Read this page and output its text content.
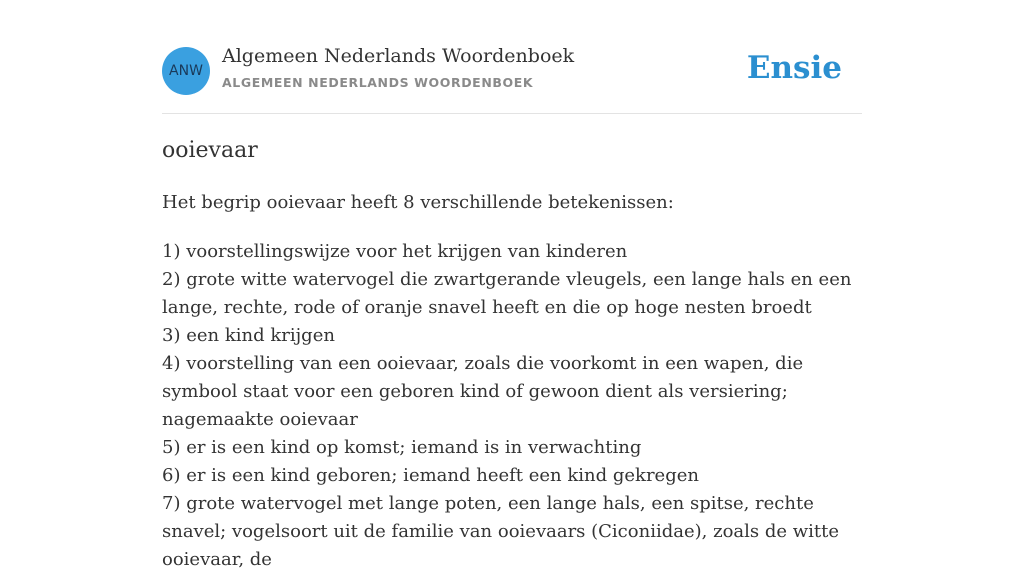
ANW
Algemeen Nederlands Woordenboek
ALGEMEEN NEDERLANDS WOORDENBOEK	Ensie
ooievaar

Het begrip ooievaar heeft 8 verschillende betekenissen:

1) voorstellingswijze voor het krijgen van kinderen
2) grote witte watervogel die zwartgerande vleugels, een lange hals en een lange, rechte, rode of oranje snavel heeft en die op hoge nesten broedt
3) een kind krijgen
4) voorstelling van een ooievaar, zoals die voorkomt in een wapen, die symbool staat voor een geboren kind of gewoon dient als versiering; nagemaakte ooievaar
5) er is een kind op komst; iemand is in verwachting
6) er is een kind geboren; iemand heeft een kind gekregen
7) grote watervogel met lange poten, een lange hals, een spitse, rechte snavel; vogelsoort uit de familie van ooievaars (Ciconiidae), zoals de witte ooievaar, de
